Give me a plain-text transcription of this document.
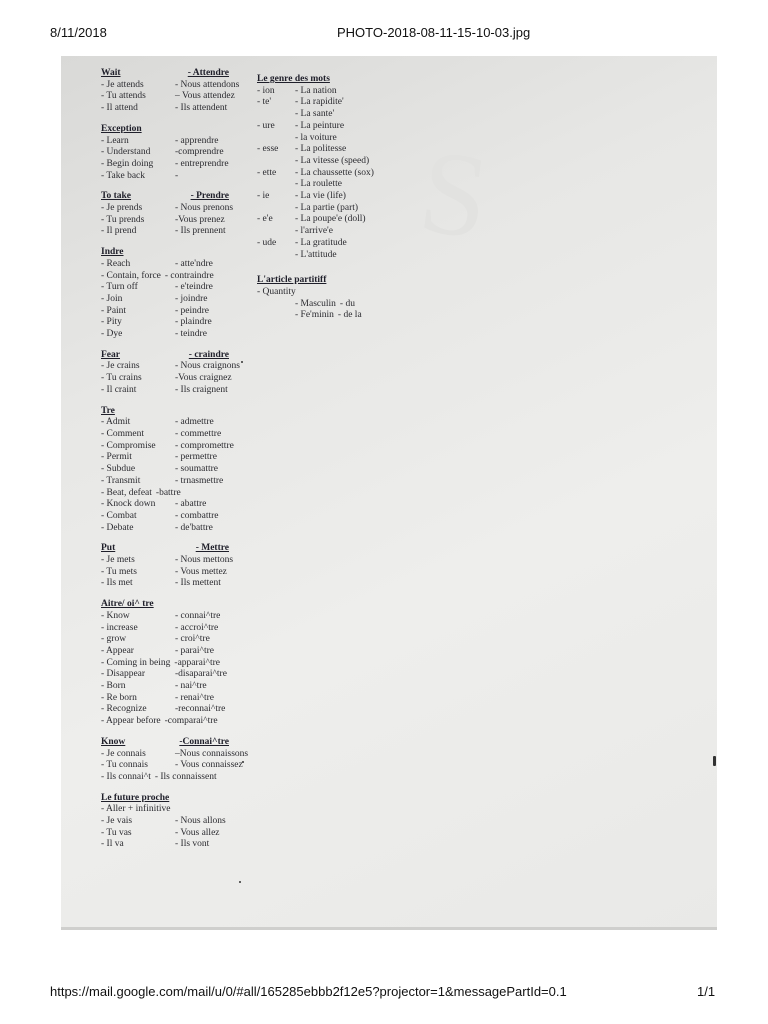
8/11/2018	PHOTO-2018-08-11-15-10-03.jpg
S
Wait	- Attendre
- Je attends	- Nous attendons
- Tu attends	– Vous attendez
- Il attend	- Ils attendent
Exception
- Learn	- apprendre
- Understand	-comprendre
- Begin doing	- entreprendre
- Take back	-
To take	- Prendre
- Je prends	- Nous prenons
- Tu prends	-Vous prenez
- Il prend	- Ils prennent
Indre
- Reach	- atte'ndre
- Contain, force - contraindre
- Turn off	- e'teindre
- Join	- joindre
- Paint	- peindre
- Pity	- plaindre
- Dye	- teindre
Fear	- craindre
- Je crains	- Nous craignons
- Tu crains	-Vous craignez
- Il craint	- Ils craignent
Tre
- Admit	- admettre
- Comment	- commettre
- Compromise	- compromettre
- Permit	- permettre
- Subdue	- soumattre
- Transmit	- trnasmettre
- Beat, defeat -battre
- Knock down	- abattre
- Combat	- combattre
- Debate	- de'battre
Put	- Mettre
- Je mets	- Nous mettons
- Tu mets	- Vous mettez
- Ils met	- Ils mettent
Aitre/ oi^ tre
- Know	- connai^tre
- increase	- accroi^tre
- grow	- croi^tre
- Appear	- parai^tre
- Coming in being -apparai^tre
- Disappear	-disaparai^tre
- Born	- nai^tre
- Re born	- renai^tre
- Recognize	-reconnai^tre
- Appear before -comparai^tre
Know	-Connai^tre
- Je connais	–Nous connaissons
- Tu connais	- Vous connaissez
- Ils connai^t - Ils connaissent
Le future proche
- Aller + infinitive
- Je vais	- Nous allons
- Tu vas	- Vous allez
- Il va	- Ils vont
Le genre des mots
- ion	- La nation
- te'	- La rapidite'
- La sante'
- ure	- La peinture
- la voiture
- esse	- La politesse
- La vitesse (speed)
- ette	- La chaussette (sox)
- La roulette
- ie	- La vie (life)
- La partie (part)
- e'e	- La poupe'e (doll)
- l'arrive'e
- ude	- La gratitude
- L'attitude
L'article partitiff
- Quantity
- Masculin - du
- Fe'minin - de la
https://mail.google.com/mail/u/0/#all/165285ebbb2f12e5?projector=1&messagePartId=0.1	1/1
